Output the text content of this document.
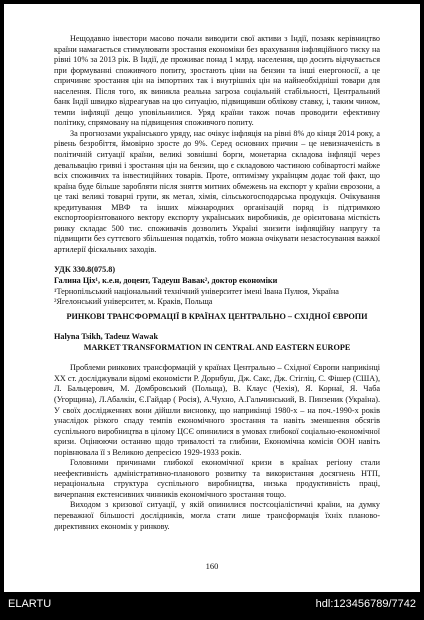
Нещодавно інвестори масово почали виводити свої активи з Індії, позаяк керівництво країни намагається стимулювати зростання економіки без врахування інфляційного тиску на рівні 10% за 2013 рік. В Індії, де проживає понад 1 млрд. населення, що досить відчувається при формуванні споживчого попиту, зростають ціни на бензин та інші енергоносії, а це спричиняє зростання цін на імпортних так і внутрішніх цін на найнеобхідніші товари для населення. Після того, як виникла реальна загроза соціальній стабільності, Центральний банк Індії швидко відреагував на цю ситуацію, підвищивши облікову ставку, і, таким чином, темпи інфляції дещо уповільнилися. Уряд країни також почав проводити ефективну політику, спрямовану на підвищення споживчого попиту.

За прогнозами українського уряду, нас очікує інфляція на рівні 8% до кінця 2014 року, а рівень безробіття, ймовірно зросте до 9%. Серед основних причин – це невизначеність в політичній ситуації країни, великі зовнішні борги, монетарна складова інфляції через девальвацію гривні і зростання цін на бензин, що є складовою частиною собівартості майже всіх споживчих та інвестиційних товарів. Проте, оптимізму українцям додає той факт, що країна буде більше заробляти після зняття митних обмежень на експорт у країни єврозони, а це такі великі товарні групи, як метал, хімія, сільськогосподарська продукція. Очікування кредитування МВФ та інших міжнародних організацій поряд із підтримкою експортоорієнтованого вектору експорту українських виробників, де орієнтована місткість ринку складає 500 тис. споживачів дозволить Україні знизити інфляційну напругу та підвищити без суттєвого збільшення податків, тобто можна очікувати незастосування важкої артилерії фіскальних заходів.

УДК 330.8(075.8)

Галина Ціх¹, к.е.н, доцент, Тадеуш Вавак², доктор економіки

¹Тернопільський національний технічний університет імені Івана Пулюя, Україна

²Ягелонський університет, м. Краків, Польща

РИНКОВІ ТРАНСФОРМАЦІЇ В КРАЇНАХ ЦЕНТРАЛЬНО – СХІДНОЇ ЄВРОПИ

Halyna Tsikh, Tadeuz Wawak

MARKET TRANSFORMATION IN CENTRAL AND EASTERN EUROPE

Проблеми ринкових трансформацій у країнах Центрально – Східної Європи наприкінці ХХ ст. досліджували відомі економісти Р. Дорнбуш, Дж. Сакс, Дж. Стігліц, С. Фішер (США), Л. Бальцерович, М. Домбровський (Польща), В. Клаус (Чехія), Я. Корнаї, Я. Чаба (Угорщина), Л.Абалкін, Є.Гайдар ( Росія), А.Чухно, А.Гальчинський, В. Пинзеник (Україна). У своїх дослідженнях вони дійшли висновку, що наприкінці 1980-х – на поч.-1990-х років унаслідок різкого спаду темпів економічного зростання та навіть зменшення обсягів суспільного виробництва в цілому ЦСЄ опинилися в умовах глибокої соціально-економічної кризи. Оцінюючи останню щодо тривалості та глибини, Економічна комісія ООН навіть порівнювала її з Великою депресією 1929-1933 років.

Головними причинами глибокої економічної кризи в країнах регіону стали неефективність адміністративно-планового розвитку та використання досягнень НТП, нераціональна структура суспільного виробництва, низька продуктивність праці, вичерпання екстенсивних чинників економічного зростання тощо.

Виходом з кризової ситуації, у якій опинилися постсоціалістичні країни, на думку переважної більшості дослідників, могла стати лише трансформація їхніх планово-директивних економік у ринкову.

160
ELARTU	hdl:123456789/7742
